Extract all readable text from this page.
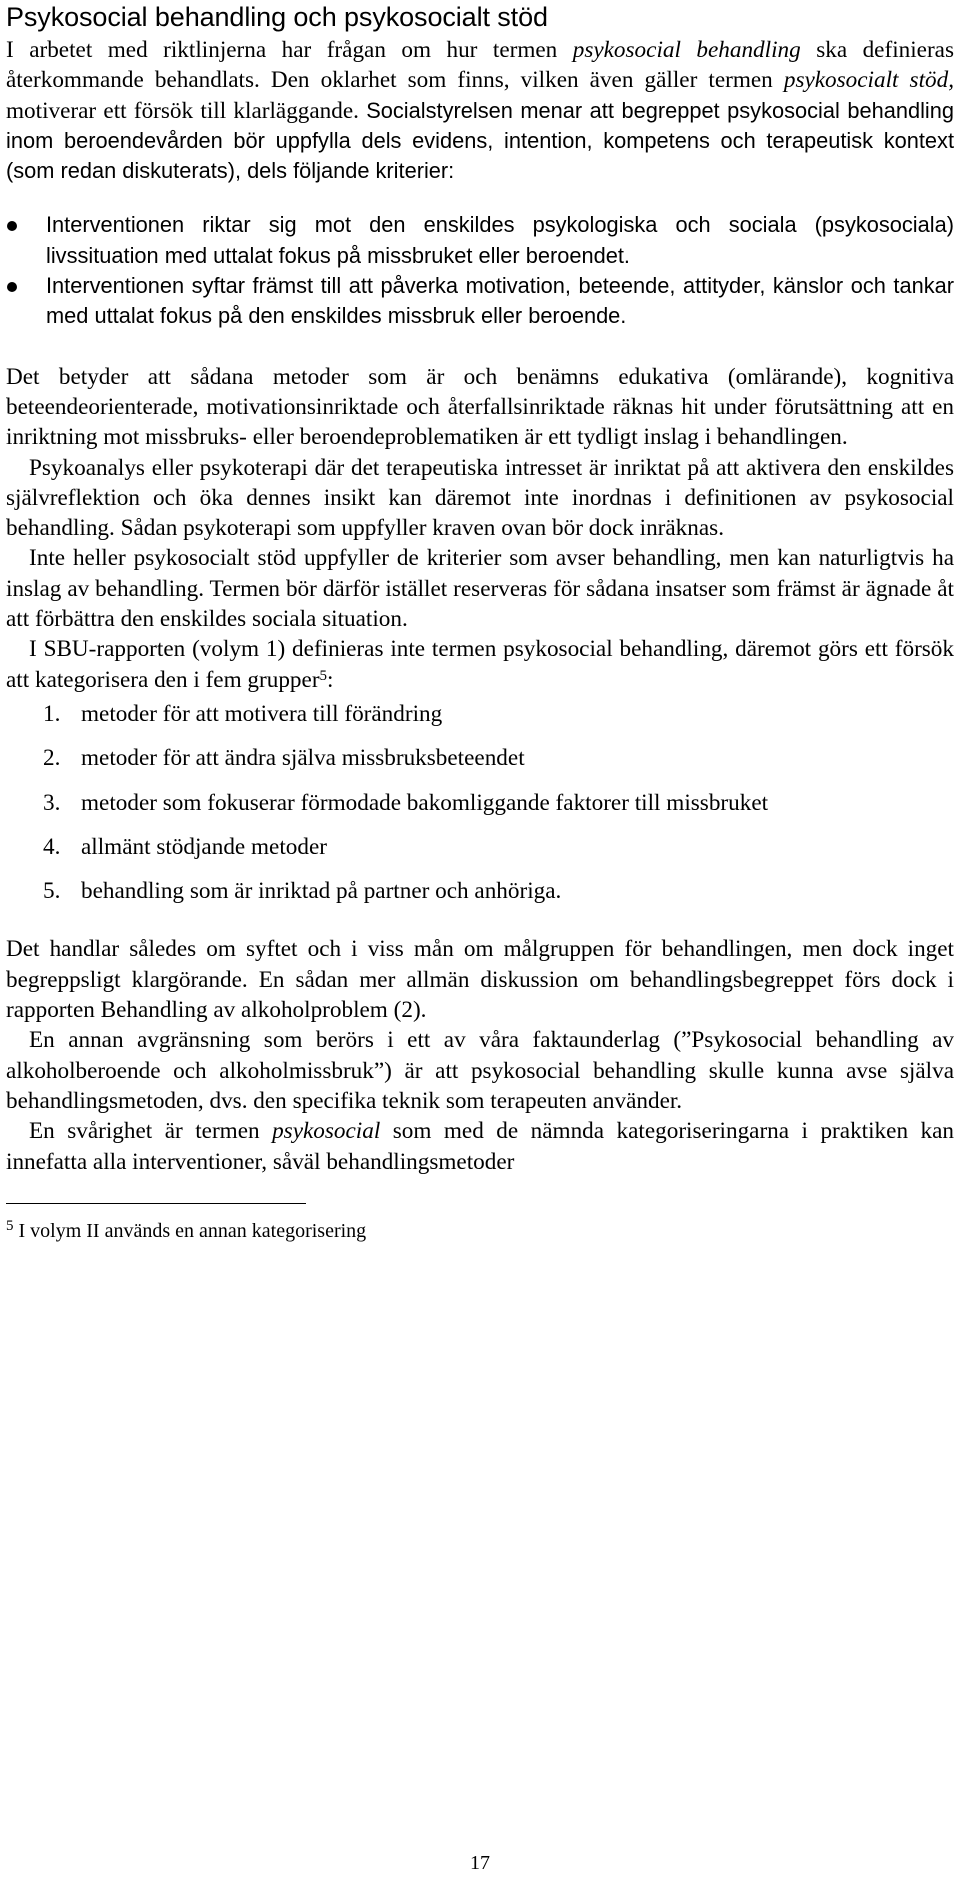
Psykosocial behandling och psykosocialt stöd

I arbetet med riktlinjerna har frågan om hur termen psykosocial behandling ska definieras återkommande behandlats. Den oklarhet som finns, vilken även gäller termen psykosocialt stöd, motiverar ett försök till klarläggande. Socialstyrelsen menar att begreppet psykosocial behandling inom beroendevården bör uppfylla dels evidens, intention, kompetens och terapeutisk kontext (som redan diskuterats), dels följande kriterier:

Interventionen riktar sig mot den enskildes psykologiska och sociala (psykosociala) livssituation med uttalat fokus på missbruket eller beroendet.
Interventionen syftar främst till att påverka motivation, beteende, attityder, känslor och tankar med uttalat fokus på den enskildes missbruk eller beroende.

Det betyder att sådana metoder som är och benämns edukativa (omlärande), kognitiva beteendeorienterade, motivationsinriktade och återfallsinriktade räknas hit under förutsättning att en inriktning mot missbruks- eller beroendeproblematiken är ett tydligt inslag i behandlingen.

Psykoanalys eller psykoterapi där det terapeutiska intresset är inriktat på att aktivera den enskildes självreflektion och öka dennes insikt kan däremot inte inordnas i definitionen av psykosocial behandling. Sådan psykoterapi som uppfyller kraven ovan bör dock inräknas.

Inte heller psykosocialt stöd uppfyller de kriterier som avser behandling, men kan naturligtvis ha inslag av behandling. Termen bör därför istället reserveras för sådana insatser som främst är ägnade åt att förbättra den enskildes sociala situation.

I SBU-rapporten (volym 1) definieras inte termen psykosocial behandling, däremot görs ett försök att kategorisera den i fem grupper$^5$:

1. metoder för att motivera till förändring
2. metoder för att ändra själva missbruksbeteendet
3. metoder som fokuserar förmodade bakomliggande faktorer till missbruket
4. allmänt stödjande metoder
5. behandling som är inriktad på partner och anhöriga.

Det handlar således om syftet och i viss mån om målgruppen för behandlingen, men dock inget begreppsligt klargörande. En sådan mer allmän diskussion om behandlingsbegreppet förs dock i rapporten Behandling av alkoholproblem (2).

En annan avgränsning som berörs i ett av våra faktaunderlag (”Psykosocial behandling av alkoholberoende och alkoholmissbruk”) är att psykosocial behandling skulle kunna avse själva behandlingsmetoden, dvs. den specifika teknik som terapeuten använder.

En svårighet är termen psykosocial som med de nämnda kategoriseringarna i praktiken kan innefatta alla interventioner, såväl behandlingsmetoder

$^5$ I volym II används en annan kategorisering
17
